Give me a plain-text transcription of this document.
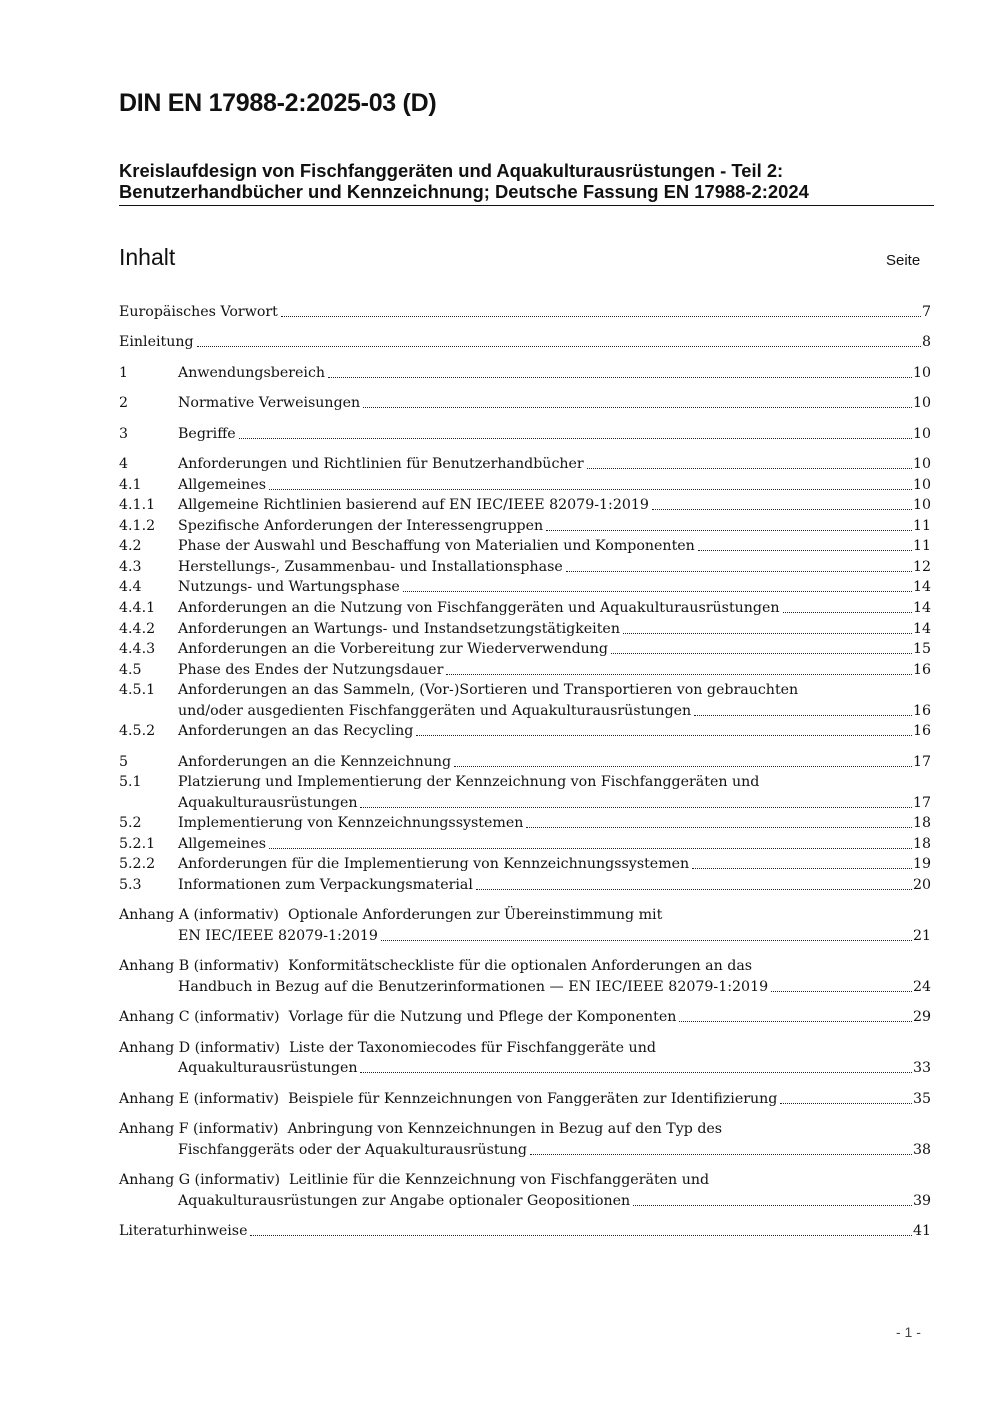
DIN EN 17988-2:2025-03 (D)
Kreislaufdesign von Fischfanggeräten und Aquakulturausrüstungen - Teil 2:
Benutzerhandbücher und Kennzeichnung; Deutsche Fassung EN 17988-2:2024
Inhalt	Seite
Europäisches Vorwort	7
Einleitung	8
1	Anwendungsbereich	10
2	Normative Verweisungen	10
3	Begriffe	10
4	Anforderungen und Richtlinien für Benutzerhandbücher	10
4.1	Allgemeines	10
4.1.1	Allgemeine Richtlinien basierend auf EN IEC/IEEE 82079-1:2019	10
4.1.2	Spezifische Anforderungen der Interessengruppen	11
4.2	Phase der Auswahl und Beschaffung von Materialien und Komponenten	11
4.3	Herstellungs-, Zusammenbau- und Installationsphase	12
4.4	Nutzungs- und Wartungsphase	14
4.4.1	Anforderungen an die Nutzung von Fischfanggeräten und Aquakulturausrüstungen	14
4.4.2	Anforderungen an Wartungs- und Instandsetzungstätigkeiten	14
4.4.3	Anforderungen an die Vorbereitung zur Wiederverwendung	15
4.5	Phase des Endes der Nutzungsdauer	16
4.5.1	Anforderungen an das Sammeln, (Vor-)Sortieren und Transportieren von gebrauchten
und/oder ausgedienten Fischfanggeräten und Aquakulturausrüstungen	16
4.5.2	Anforderungen an das Recycling	16
5	Anforderungen an die Kennzeichnung	17
5.1	Platzierung und Implementierung der Kennzeichnung von Fischfanggeräten und
Aquakulturausrüstungen	17
5.2	Implementierung von Kennzeichnungssystemen	18
5.2.1	Allgemeines	18
5.2.2	Anforderungen für die Implementierung von Kennzeichnungssystemen	19
5.3	Informationen zum Verpackungsmaterial	20
Anhang A (informativ) Optionale Anforderungen zur Übereinstimmung mit
EN IEC/IEEE 82079-1:2019	21
Anhang B (informativ) Konformitätscheckliste für die optionalen Anforderungen an das
Handbuch in Bezug auf die Benutzerinformationen — EN IEC/IEEE 82079-1:2019	24
Anhang C (informativ) Vorlage für die Nutzung und Pflege der Komponenten	29
Anhang D (informativ) Liste der Taxonomiecodes für Fischfanggeräte und
Aquakulturausrüstungen	33
Anhang E (informativ) Beispiele für Kennzeichnungen von Fanggeräten zur Identifizierung	35
Anhang F (informativ) Anbringung von Kennzeichnungen in Bezug auf den Typ des
Fischfanggeräts oder der Aquakulturausrüstung	38
Anhang G (informativ) Leitlinie für die Kennzeichnung von Fischfanggeräten und
Aquakulturausrüstungen zur Angabe optionaler Geopositionen	39
Literaturhinweise	41
- 1 -
